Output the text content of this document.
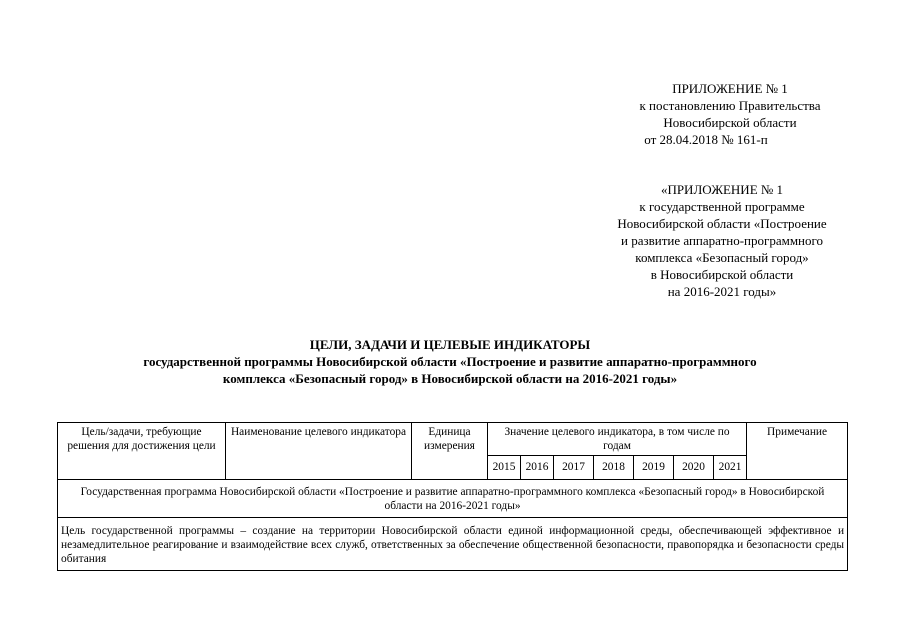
ПРИЛОЖЕНИЕ № 1
к постановлению Правительства
Новосибирской области
от 28.04.2018 № 161-п
«ПРИЛОЖЕНИЕ № 1
к государственной программе
Новосибирской области «Построение
и развитие аппаратно-программного
комплекса «Безопасный город»
в Новосибирской области
на 2016-2021 годы»
ЦЕЛИ, ЗАДАЧИ И ЦЕЛЕВЫЕ ИНДИКАТОРЫ
государственной программы Новосибирской области «Построение и развитие аппаратно-программного
комплекса «Безопасный город» в Новосибирской области на 2016-2021 годы»
Цель/задачи, требующие решения для достижения цели	Наименование целевого индикатора	Единица измерения	Значение целевого индикатора, в том числе по годам							Примечание
			2015	2016	2017	2018	2019	2020	2021	
Государственная программа Новосибирской области «Построение и развитие аппаратно-программного комплекса «Безопасный город» в Новосибирской области на 2016-2021 годы»										
Цель государственной программы – создание на территории Новосибирской области единой информационной среды, обеспечивающей эффективное и незамедлительное реагирование и взаимодействие всех служб, ответственных за обеспечение общественной безопасности, правопорядка и безопасности среды обитания										
